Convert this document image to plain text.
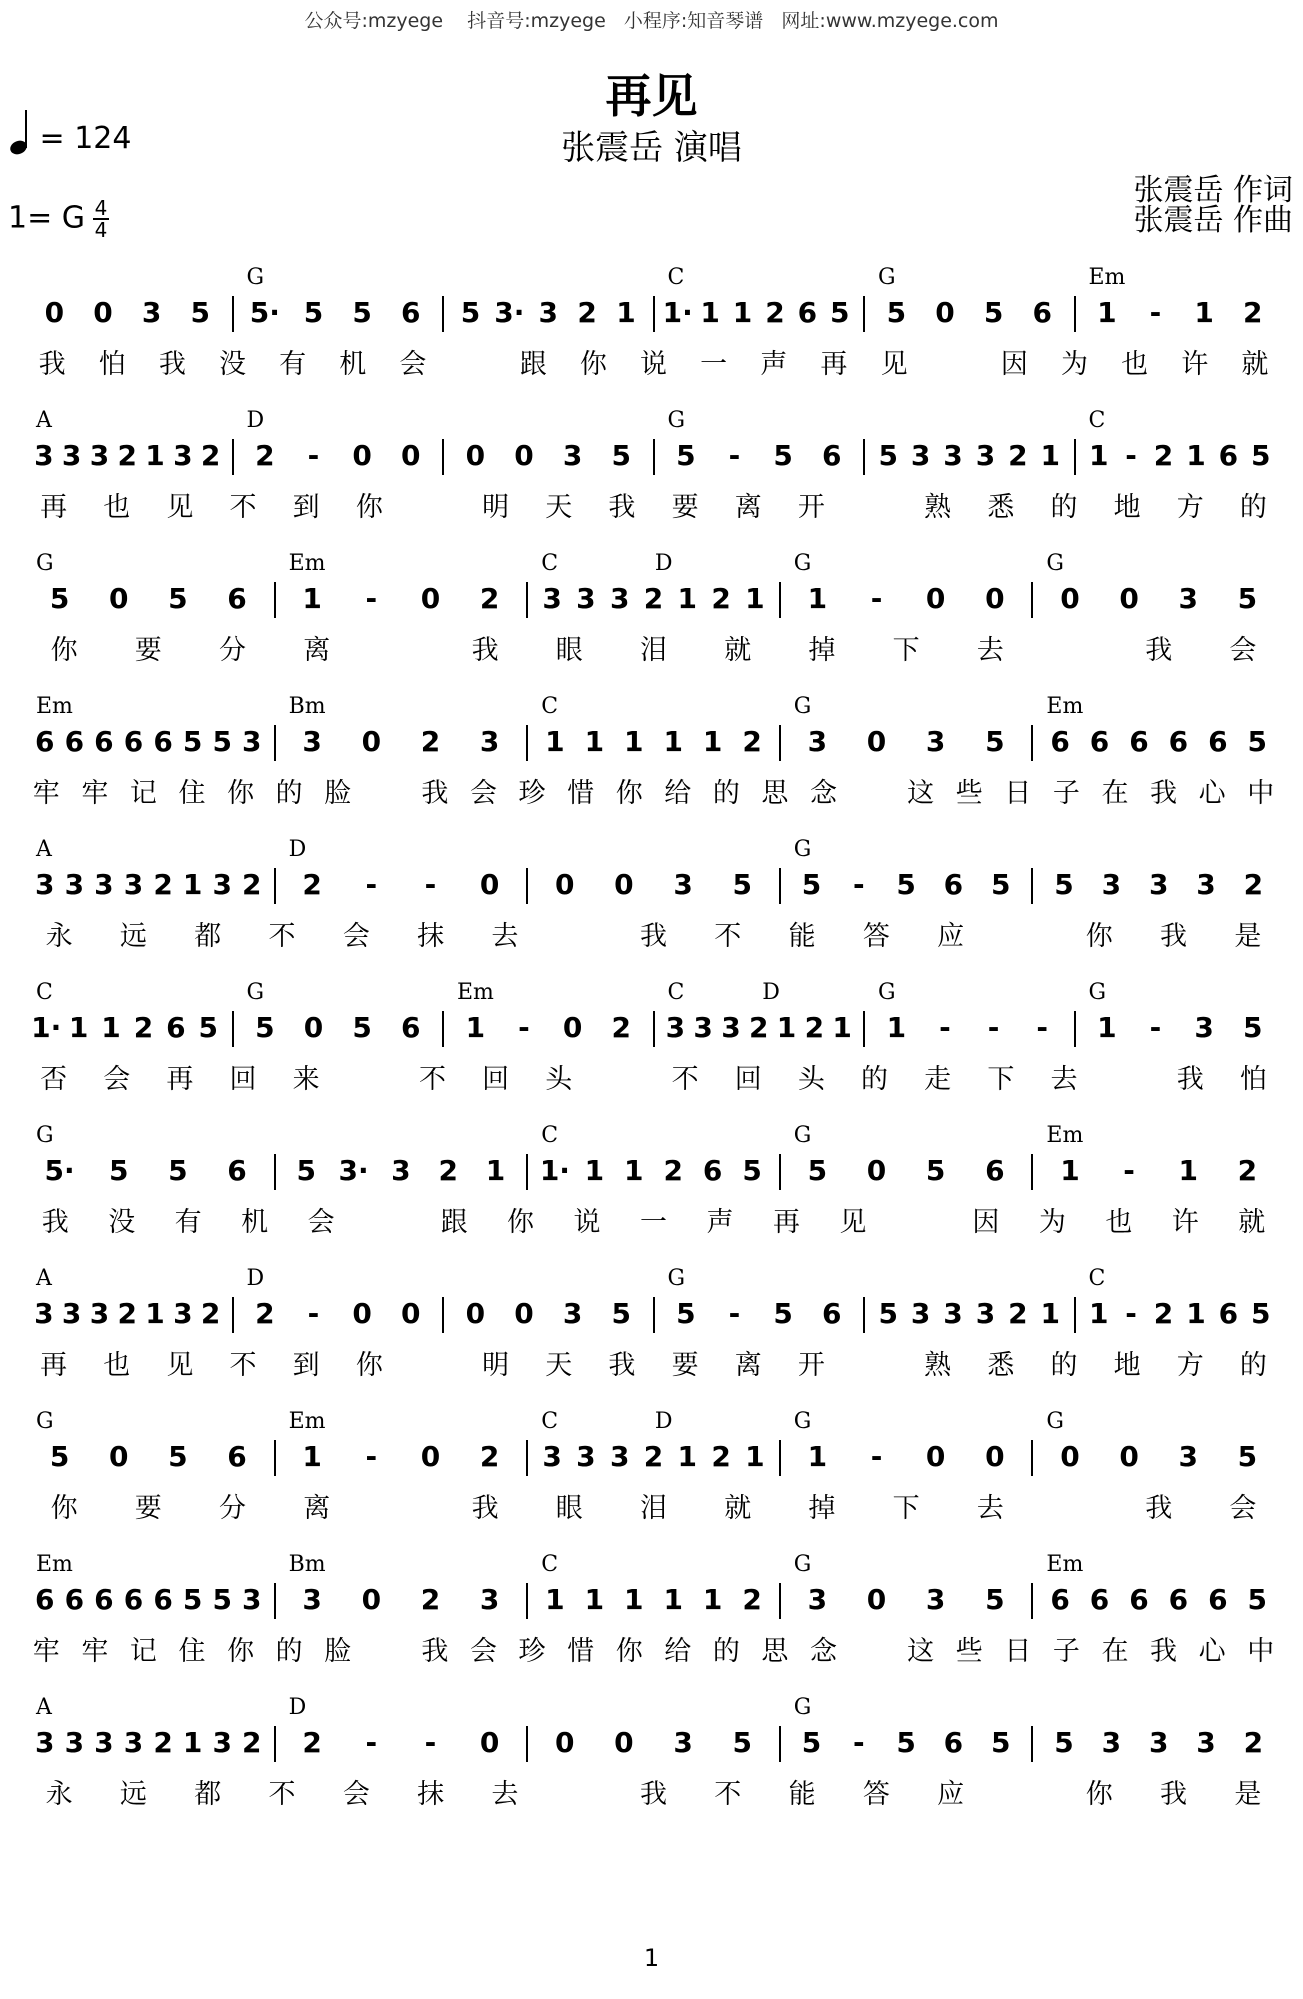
公众号:mzyege    抖音号:mzyege   小程序:知音琴谱   网址:www.mzyege.com
再见
张震岳 演唱
= 124
1= G $\frac{4}{4}$
张震岳 作词
张震岳 作曲
0	0	3	5	5· 5	5	6	5 3· 3 2 1 1· 1 1 2 6 5	5	0	5	6	1	-	1	2
G	C	G	Em
我	怕	我	没	有	机	会	跟	你	说	一	声	再	见	因	为	也	许	就
3 3 3 2 1 3 2	2	-	0	0	0	0	3	5	5	-	5	6	5 3 3 3 2 1 1 - 2 1 6 5
A	D	G	C
再	也	见	不	到	你	明	天	我	要	离	开	熟	悉	的	地	方	的
5	0	5	6	1	-	0	2	3 3 3 2 1 2 1	1	-	0	0	0	0	3	5
G	Em	C	D	G	G
你	要	分	离	我	眼	泪	就	掉	下	去	我	会
6 6 6 6 6 5 5 3	3	0	2	3	1 1 1 1 1 2	3	0	3	5	6 6 6 6 6 5
Em	Bm	C	G	Em
牢 牢 记 住 你 的 脸	我 会 珍 惜 你 给 的 思 念	这 些 日 子 在 我 心 中
3 3 3 3 2 1 3 2	2	-	-	0	0	0	3	5	5	-	5 6 5	5 3 3 3 2
A	D	G
永	远	都	不	会	抹	去	我	不	能	答	应	你	我	是
1· 1 1 2 6 5	5	0	5	6	1	-	0	2	3 3 3 2 1 2 1	1	-	-	-	1	-	3	5
C	G	Em	C	D	G	G
否	会	再	回	来	不	回	头	不	回	头	的	走	下	去	我	怕
5·	5	5	6	5 3· 3 2 1	1· 1 1 2 6 5	5	0	5	6	1	-	1	2
G	C	G	Em
我	没	有	机	会	跟	你	说	一	声	再	见	因	为	也	许	就
3 3 3 2 1 3 2	2	-	0	0	0	0	3	5	5	-	5	6	5 3 3 3 2 1 1 - 2 1 6 5
A	D	G	C
再	也	见	不	到	你	明	天	我	要	离	开	熟	悉	的	地	方	的
5	0	5	6	1	-	0	2	3 3 3 2 1 2 1	1	-	0	0	0	0	3	5
G	Em	C	D	G	G
你	要	分	离	我	眼	泪	就	掉	下	去	我	会
6 6 6 6 6 5 5 3	3	0	2	3	1 1 1 1 1 2	3	0	3	5	6 6 6 6 6 5
Em	Bm	C	G	Em
牢 牢 记 住 你 的 脸	我 会 珍 惜 你 给 的 思 念	这 些 日 子 在 我 心 中
3 3 3 3 2 1 3 2	2	-	-	0	0	0	3	5	5	-	5 6 5	5 3 3 3 2
A	D	G
永	远	都	不	会	抹	去	我	不	能	答	应	你	我	是
1
